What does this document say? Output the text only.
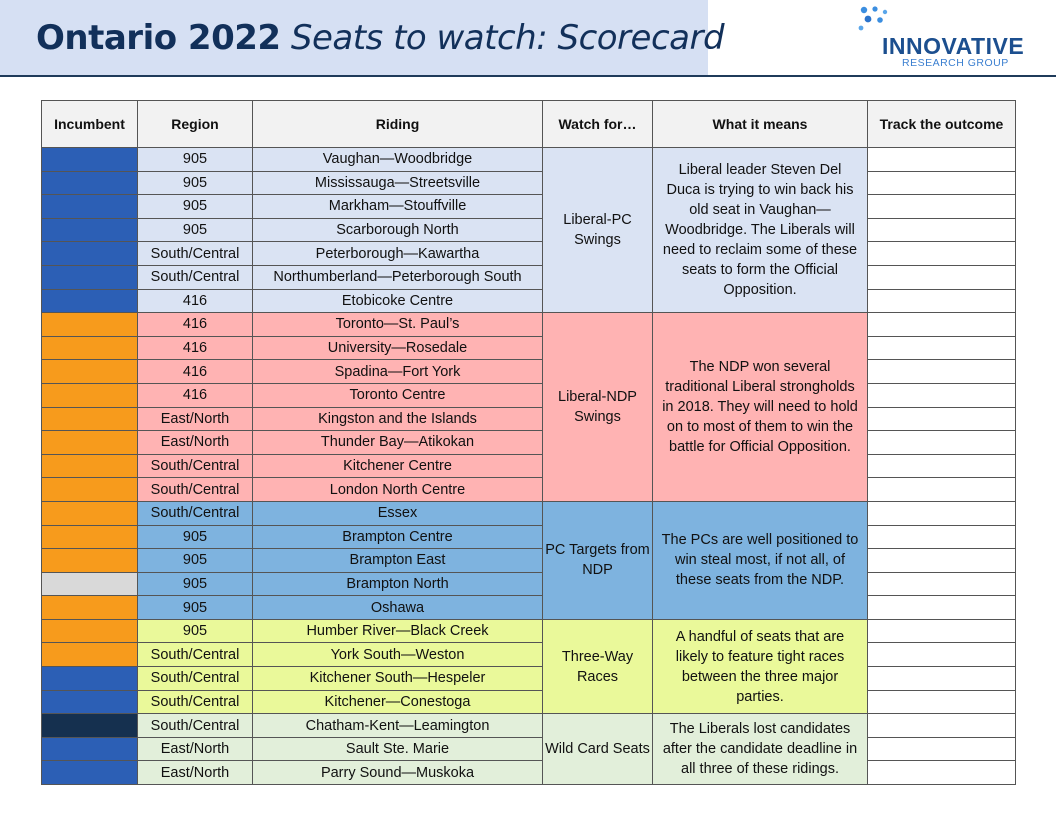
Ontario 2022 Seats to watch: Scorecard	INNOVATIVE
RESEARCH GROUP
Incumbent	Region	Riding	Watch for…	What it means	Track the outcome
	905	Vaughan—Woodbridge	Liberal-PC Swings	Liberal leader Steven Del Duca is trying to win back his old seat in Vaughan—Woodbridge. The Liberals will need to reclaim some of these seats to form the Official Opposition.	
	905	Mississauga—Streetsville			
	905	Markham—Stouffville			
	905	Scarborough North			
	South/Central	Peterborough—Kawartha			
	South/Central	Northumberland—Peterborough South			
	416	Etobicoke Centre			
	416	Toronto—St. Paul’s	Liberal-NDP Swings	The NDP won several traditional Liberal strongholds in 2018. They will need to hold on to most of them to win the battle for Official Opposition.	
	416	University—Rosedale			
	416	Spadina—Fort York			
	416	Toronto Centre			
	East/North	Kingston and the Islands			
	East/North	Thunder Bay—Atikokan			
	South/Central	Kitchener Centre			
	South/Central	London North Centre			
	South/Central	Essex	PC Targets from NDP	The PCs are well positioned to win steal most, if not all, of these seats from the NDP.	
	905	Brampton Centre			
	905	Brampton East			
	905	Brampton North			
	905	Oshawa			
	905	Humber River—Black Creek	Three-Way Races	A handful of seats that are likely to feature tight races between the three major parties.	
	South/Central	York South—Weston			
	South/Central	Kitchener South—Hespeler			
	South/Central	Kitchener—Conestoga			
	South/Central	Chatham-Kent—Leamington	Wild Card Seats	The Liberals lost candidates after the candidate deadline in all three of these ridings.	
	East/North	Sault Ste. Marie			
	East/North	Parry Sound—Muskoka			
